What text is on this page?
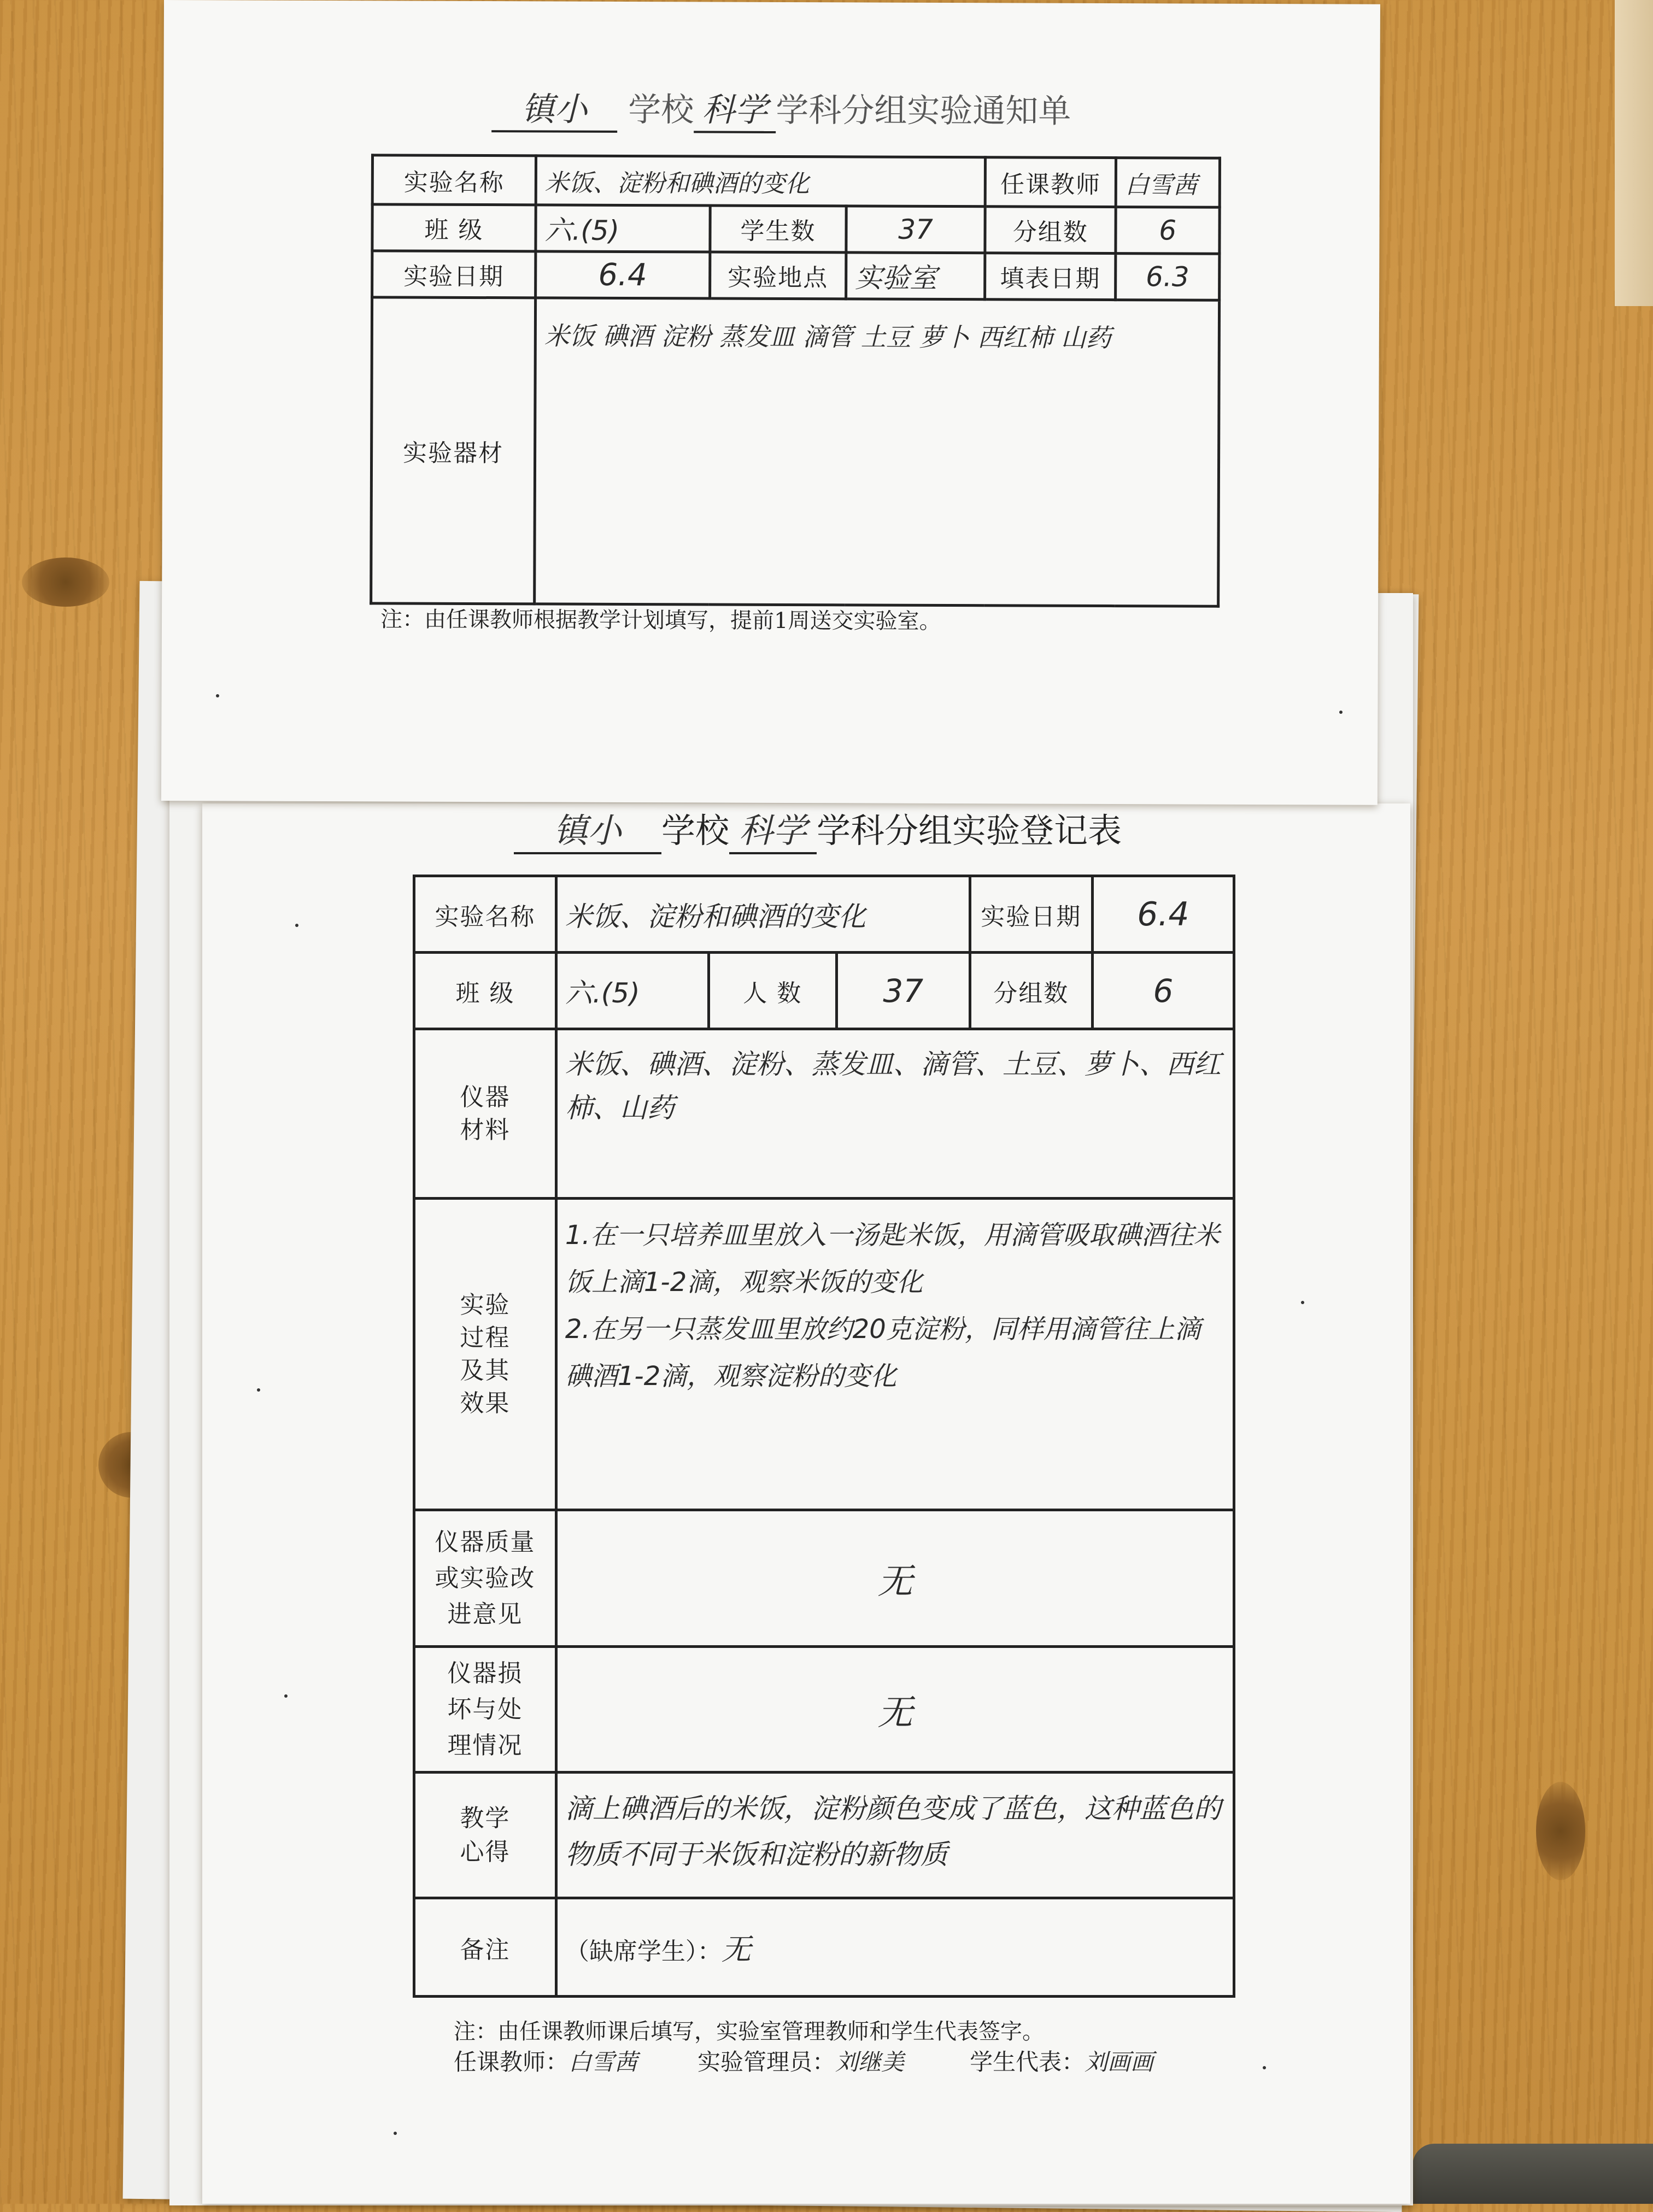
镇小 学校 科学 学科分组实验登记表
实验名称	米饭、淀粉和碘酒的变化			实验日期	6.4
班 级	六.(5)	人 数	37	分组数	6

仪器材料	米饭、碘酒、淀粉、蒸发皿、滴管、土豆、萝卜、西红柿、山药				

实验过程及其效果	1.在一只培养皿里放入一汤匙米饭，用滴管吸取碘酒往米饭上滴1-2滴，观察米饭的变化
2.在另一只蒸发皿里放约20克淀粉，同样用滴管往上滴碘酒1-2滴，观察淀粉的变化				

仪器质量或实验改进意见	无				

仪器损坏与处理情况	无				

教学心得	滴上碘酒后的米饭，淀粉颜色变成了蓝色，这种蓝色的物质不同于米饭和淀粉的新物质				
备注	（缺席学生）：无				
注：由任课教师课后填写，实验室管理教师和学生代表签字。
任课教师：白雪茜	实验管理员：刘继美	学生代表：刘画画
镇小 学校 科学 学科分组实验通知单
实验名称	米饭、淀粉和碘酒的变化			任课教师	白雪茜
班 级	六.(5)	学生数	37	分组数	6
实验日期	6.4	实验地点	实验室	填表日期	6.3
实验器材	米饭 碘酒 淀粉 蒸发皿 滴管 土豆 萝卜 西红柿 山药				
注：由任课教师根据教学计划填写，提前1周送交实验室。
